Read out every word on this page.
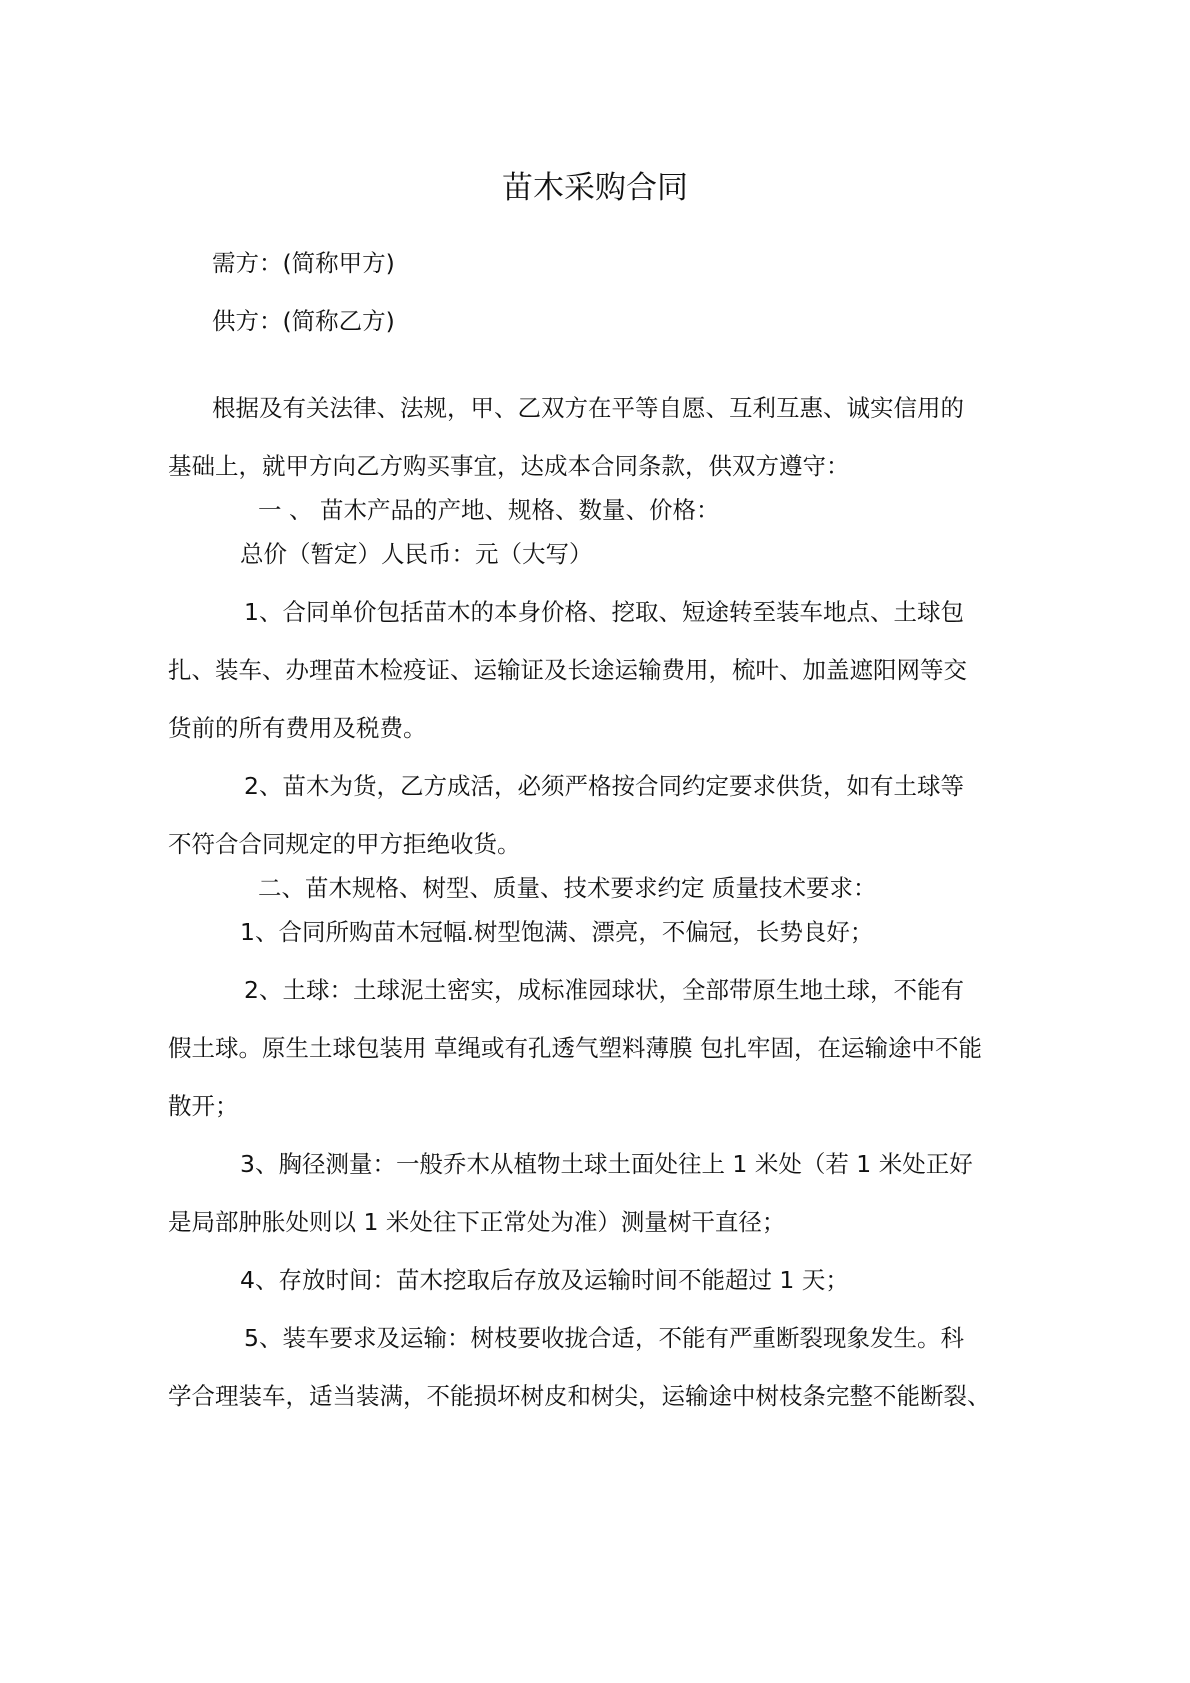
苗木采购合同
需方：(简称甲方)
供方：(简称乙方)
根据及有关法律、法规，甲、乙双方在平等自愿、互利互惠、诚实信用的
基础上，就甲方向乙方购买事宜，达成本合同条款，供双方遵守：
一 、 苗木产品的产地、规格、数量、价格：
总价（暂定）人民币：元（大写）
1、合同单价包括苗木的本身价格、挖取、短途转至装车地点、土球包
扎、装车、办理苗木检疫证、运输证及长途运输费用，梳叶、加盖遮阳网等交
货前的所有费用及税费。
2、苗木为货，乙方成活，必须严格按合同约定要求供货，如有土球等
不符合合同规定的甲方拒绝收货。
二、苗木规格、树型、质量、技术要求约定 质量技术要求：
1、合同所购苗木冠幅.树型饱满、漂亮，不偏冠，长势良好；
2、土球：土球泥土密实，成标准园球状，全部带原生地土球，不能有
假土球。原生土球包装用 草绳或有孔透气塑料薄膜 包扎牢固，在运输途中不能
散开；
3、胸径测量：一般乔木从植物土球土面处往上 1 米处（若 1 米处正好
是局部肿胀处则以 1 米处往下正常处为准）测量树干直径；
4、存放时间：苗木挖取后存放及运输时间不能超过 1 天；
5、装车要求及运输：树枝要收拢合适，不能有严重断裂现象发生。科
学合理装车，适当装满，不能损坏树皮和树尖，运输途中树枝条完整不能断裂、
